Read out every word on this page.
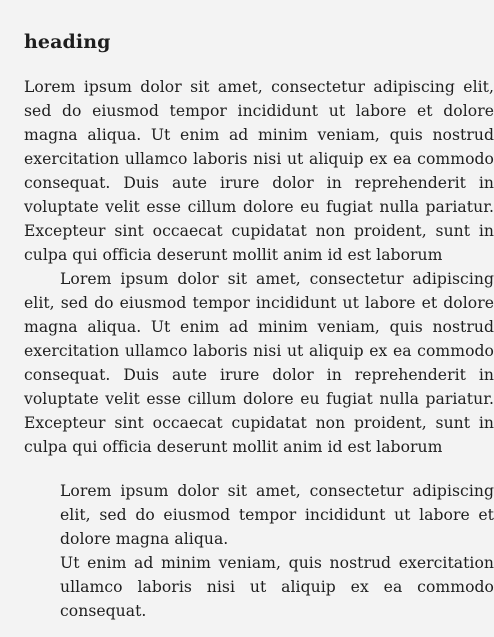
heading

Lorem ipsum dolor sit amet, consectetur adipiscing elit, sed do eiusmod tempor incididunt ut labore et dolore magna aliqua. Ut enim ad minim veniam, quis nostrud exercitation ullamco laboris nisi ut aliquip ex ea commodo consequat. Duis aute irure dolor in reprehenderit in voluptate velit esse cillum dolore eu fugiat nulla pariatur. Excepteur sint occaecat cupidatat non proident, sunt in culpa qui officia deserunt mollit anim id est laborum

Lorem ipsum dolor sit amet, consectetur adipiscing elit, sed do eiusmod tempor incididunt ut labore et dolore magna aliqua. Ut enim ad minim veniam, quis nostrud exercitation ullamco laboris nisi ut aliquip ex ea commodo consequat. Duis aute irure dolor in reprehenderit in voluptate velit esse cillum dolore eu fugiat nulla pariatur. Excepteur sint occaecat cupidatat non proident, sunt in culpa qui officia deserunt mollit anim id est laborum

Lorem ipsum dolor sit amet, consectetur adipiscing elit, sed do eiusmod tempor incididunt ut labore et dolore magna aliqua.

Ut enim ad minim veniam, quis nostrud exercitation ullamco laboris nisi ut aliquip ex ea commodo consequat.
